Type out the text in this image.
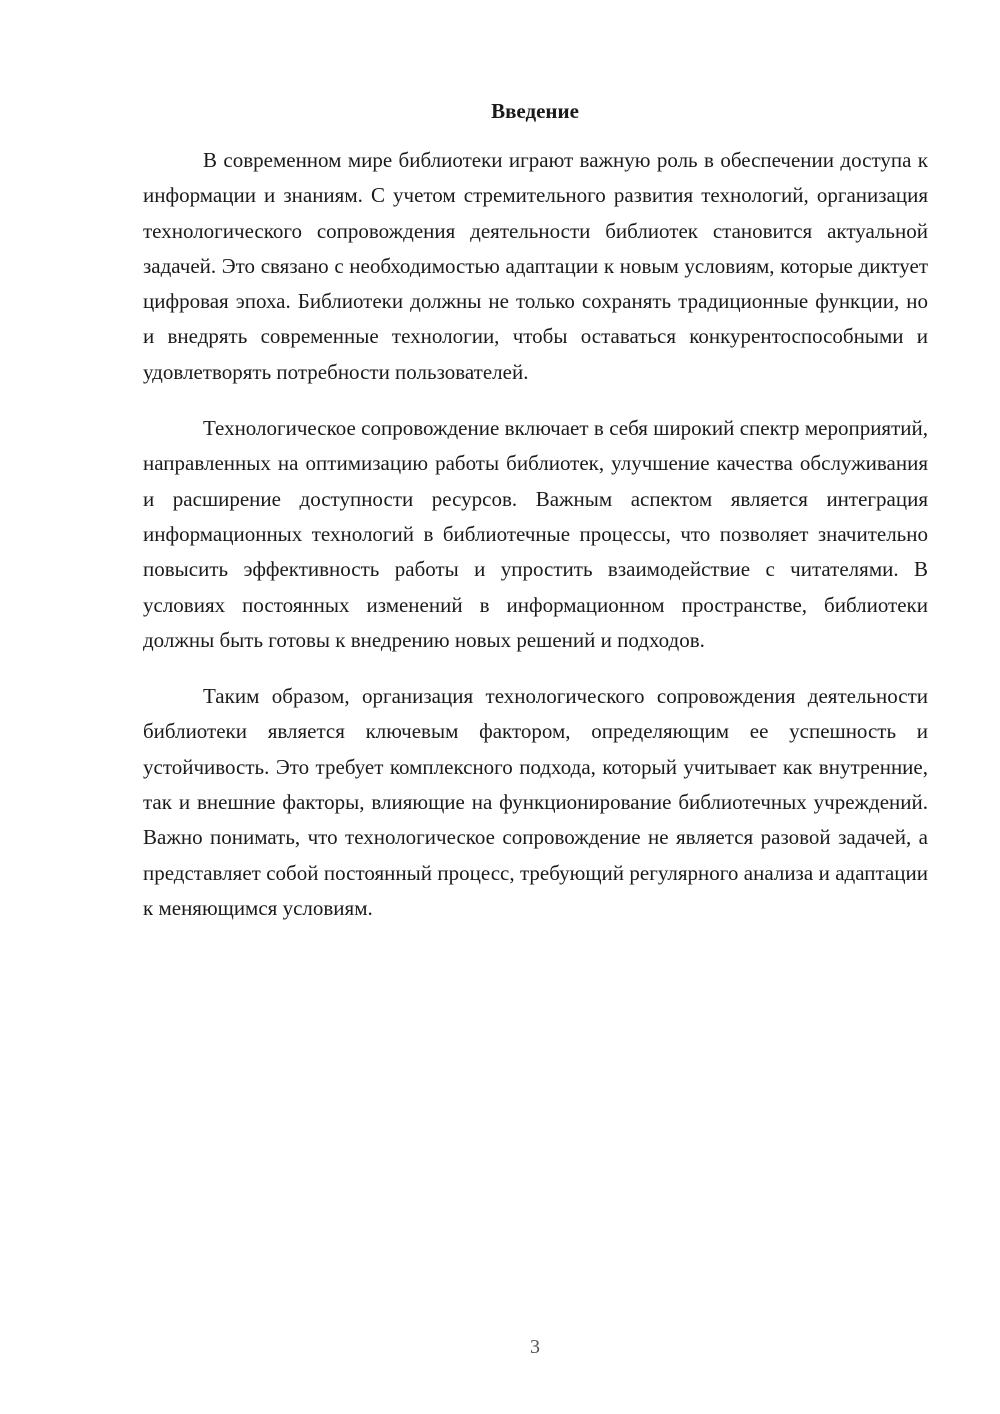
Введение

В современном мире библиотеки играют важную роль в обеспечении доступа к информации и знаниям. С учетом стремительного развития технологий, организация технологического сопровождения деятельности библиотек становится актуальной задачей. Это связано с необходимостью адаптации к новым условиям, которые диктует цифровая эпоха. Библиотеки должны не только сохранять традиционные функции, но и внедрять современные технологии, чтобы оставаться конкурентоспособными и удовлетворять потребности пользователей.

Технологическое сопровождение включает в себя широкий спектр мероприятий, направленных на оптимизацию работы библиотек, улучшение качества обслуживания и расширение доступности ресурсов. Важным аспектом является интеграция информационных технологий в библиотечные процессы, что позволяет значительно повысить эффективность работы и упростить взаимодействие с читателями. В условиях постоянных изменений в информационном пространстве, библиотеки должны быть готовы к внедрению новых решений и подходов.

Таким образом, организация технологического сопровождения деятельности библиотеки является ключевым фактором, определяющим ее успешность и устойчивость. Это требует комплексного подхода, который учитывает как внутренние, так и внешние факторы, влияющие на функционирование библиотечных учреждений. Важно понимать, что технологическое сопровождение не является разовой задачей, а представляет собой постоянный процесс, требующий регулярного анализа и адаптации к меняющимся условиям.

3
